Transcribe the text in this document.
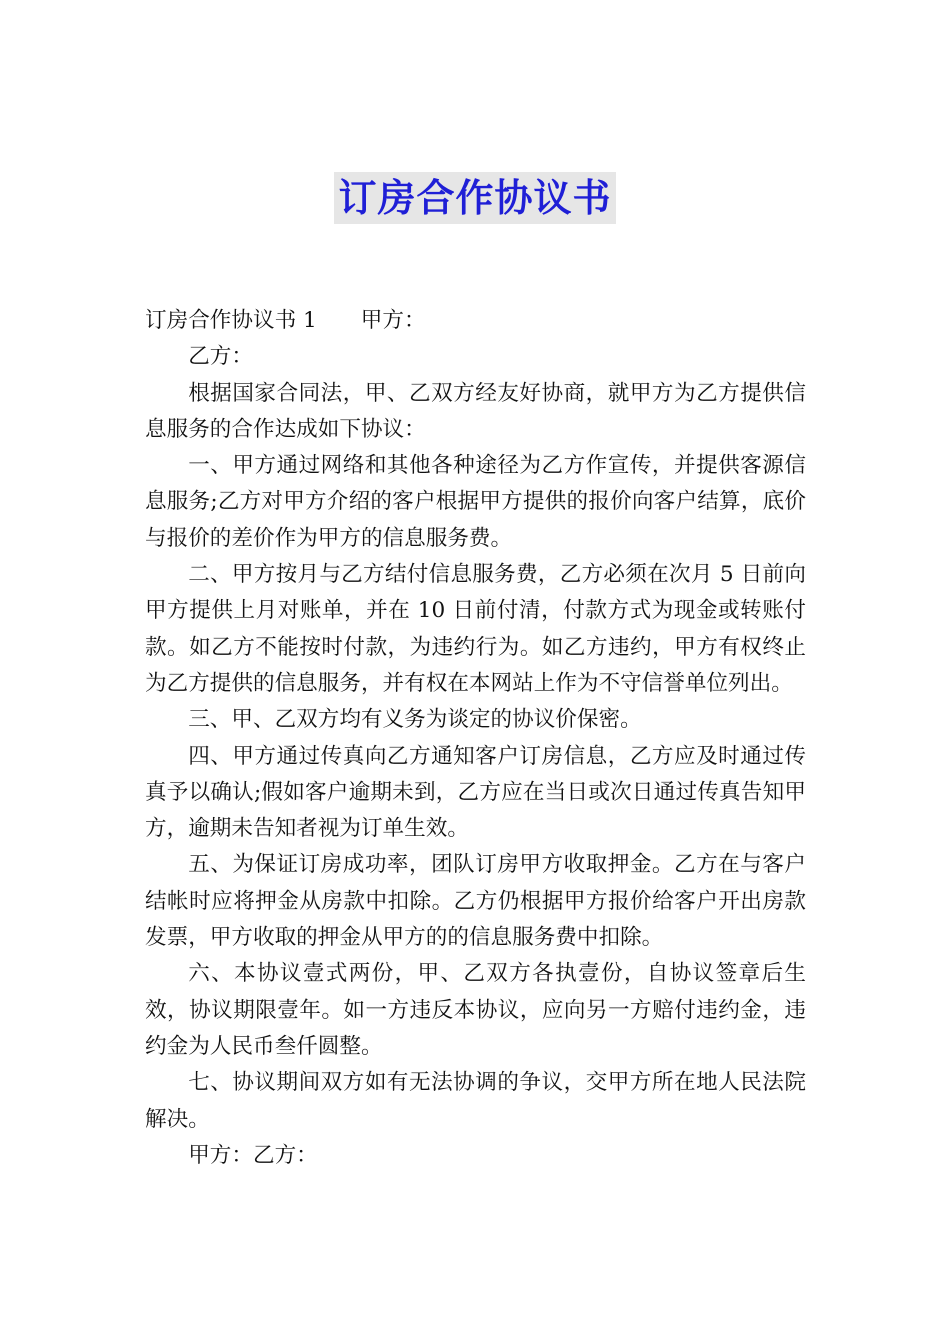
订房合作协议书

订房合作协议书 1 甲方：

乙方：

根据国家合同法，甲、乙双方经友好协商，就甲方为乙方提供信息服务的合作达成如下协议：

一、甲方通过网络和其他各种途径为乙方作宣传，并提供客源信息服务;乙方对甲方介绍的客户根据甲方提供的报价向客户结算，底价与报价的差价作为甲方的信息服务费。

二、甲方按月与乙方结付信息服务费，乙方必须在次月 5 日前向甲方提供上月对账单，并在 10 日前付清，付款方式为现金或转账付款。如乙方不能按时付款，为违约行为。如乙方违约，甲方有权终止为乙方提供的信息服务，并有权在本网站上作为不守信誉单位列出。

三、甲、乙双方均有义务为谈定的协议价保密。

四、甲方通过传真向乙方通知客户订房信息，乙方应及时通过传真予以确认;假如客户逾期未到，乙方应在当日或次日通过传真告知甲方，逾期未告知者视为订单生效。

五、为保证订房成功率，团队订房甲方收取押金。乙方在与客户结帐时应将押金从房款中扣除。乙方仍根据甲方报价给客户开出房款发票，甲方收取的押金从甲方的的信息服务费中扣除。

六、本协议壹式两份，甲、乙双方各执壹份，自协议签章后生效，协议期限壹年。如一方违反本协议，应向另一方赔付违约金，违约金为人民币叁仟圆整。

七、协议期间双方如有无法协调的争议，交甲方所在地人民法院解决。

甲方：乙方：
